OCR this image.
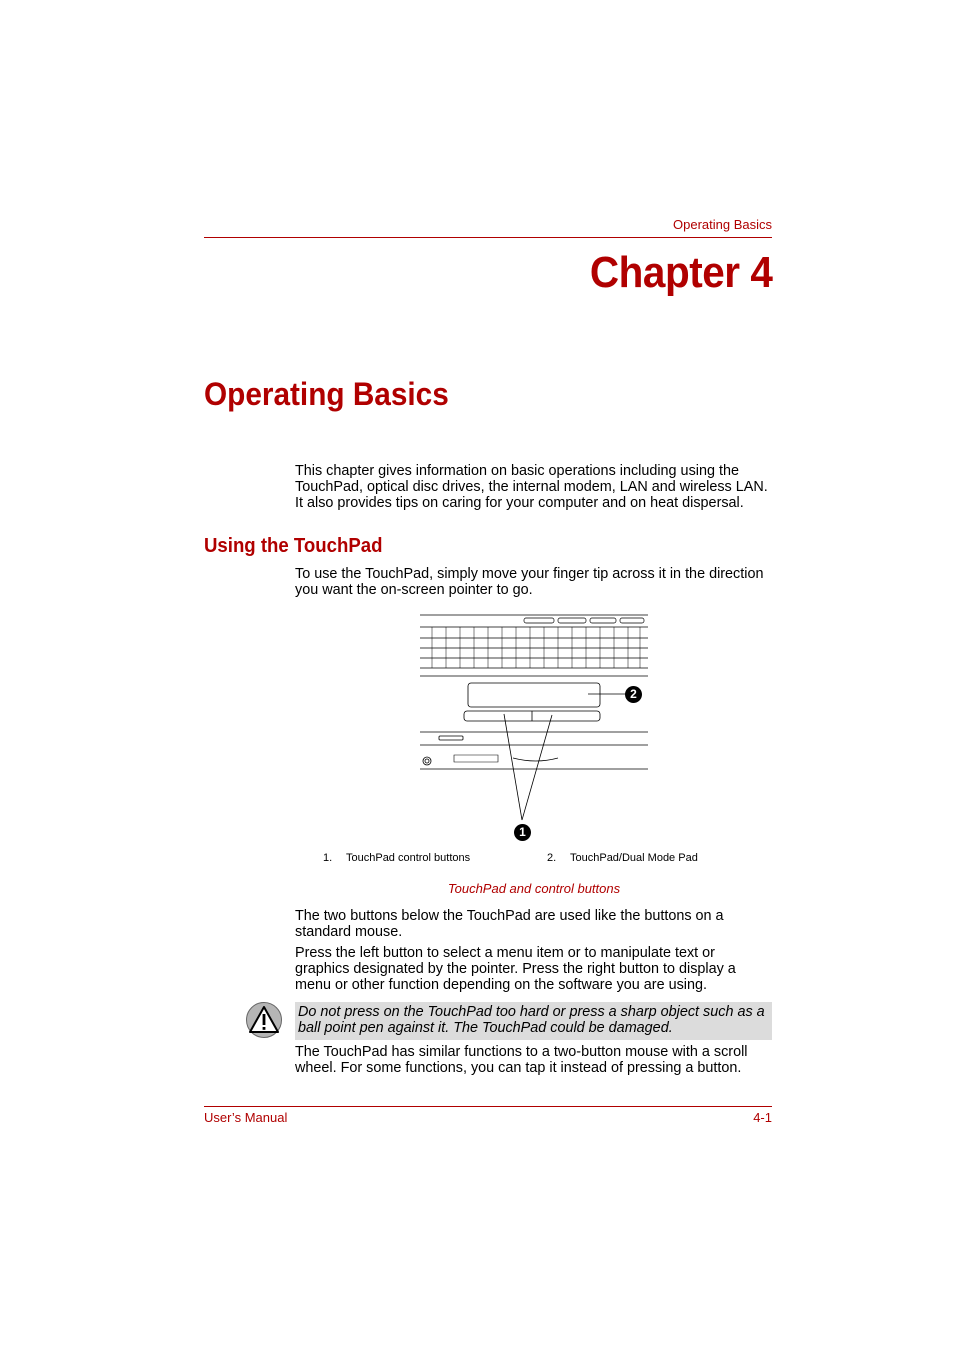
Operating Basics
Chapter 4
Operating Basics
This chapter gives information on basic operations including using the TouchPad, optical disc drives, the internal modem, LAN and wireless LAN. It also provides tips on caring for your computer and on heat dispersal.
Using the TouchPad
To use the TouchPad, simply move your finger tip across it in the direction you want the on-screen pointer to go.
2
1
1. TouchPad control buttons	2. TouchPad/Dual Mode Pad
TouchPad and control buttons
The two buttons below the TouchPad are used like the buttons on a standard mouse.
Press the left button to select a menu item or to manipulate text or graphics designated by the pointer. Press the right button to display a menu or other function depending on the software you are using.
Do not press on the TouchPad too hard or press a sharp object such as a ball point pen against it. The TouchPad could be damaged.
The TouchPad has similar functions to a two-button mouse with a scroll wheel. For some functions, you can tap it instead of pressing a button.
User’s Manual	4-1
